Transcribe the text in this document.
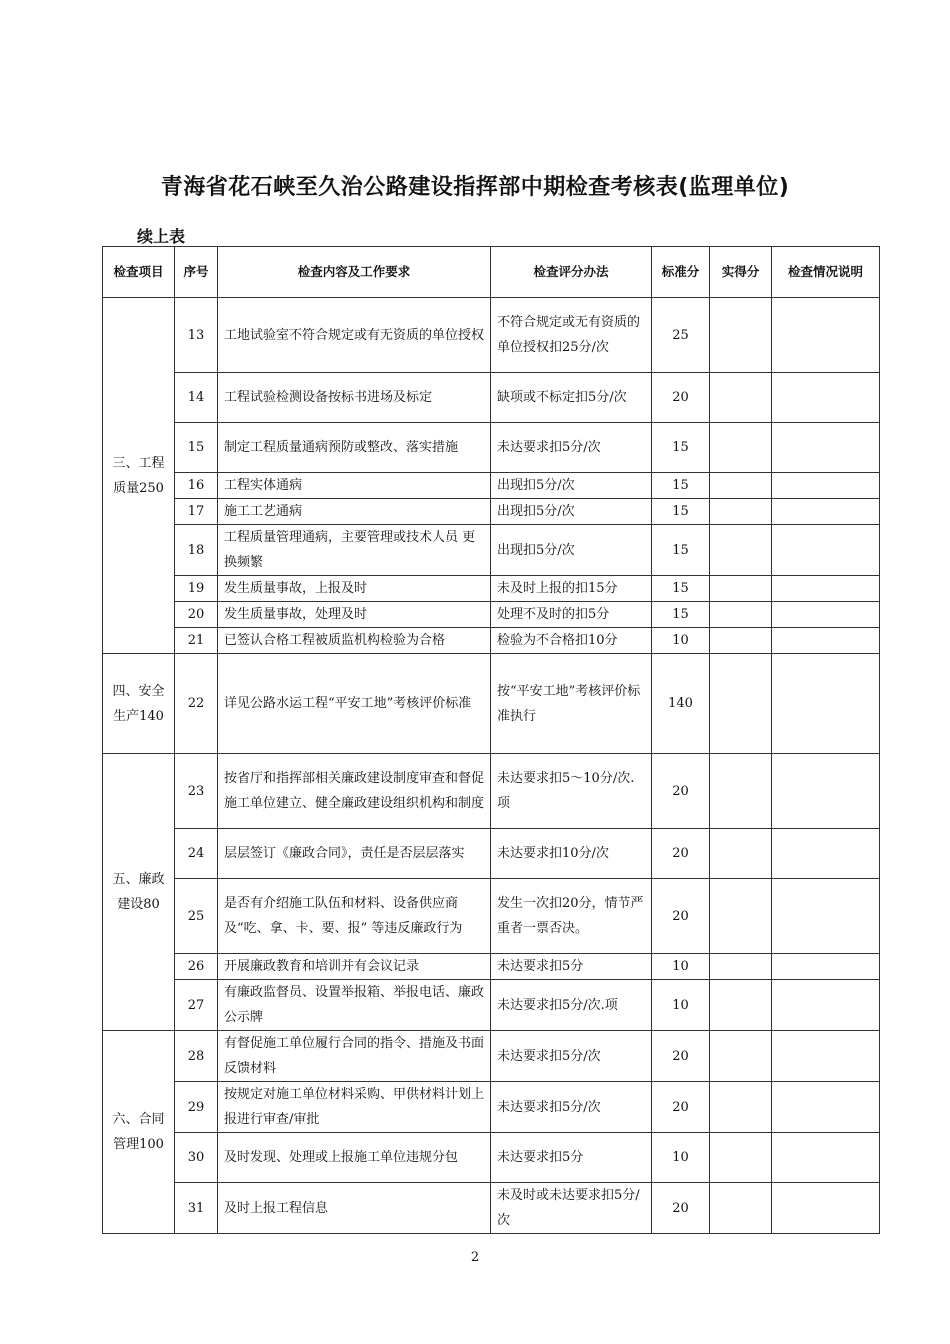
青海省花石峡至久治公路建设指挥部中期检查考核表(监理单位)
续上表
检查项目	序号	检查内容及工作要求	检查评分办法	标准分	实得分	检查情况说明
三、工程质量250	13	工地试验室不符合规定或有无资质的单位授权	不符合规定或无有资质的单位授权扣25分/次	25		
	14	工程试验检测设备按标书进场及标定	缺项或不标定扣5分/次	20		
	15	制定工程质量通病预防或整改、落实措施	未达要求扣5分/次	15		
	16	工程实体通病	出现扣5分/次	15		
	17	施工工艺通病	出现扣5分/次	15		
	18	工程质量管理通病，主要管理或技术人员 更换频繁	出现扣5分/次	15		
	19	发生质量事故，上报及时	未及时上报的扣15分	15		
	20	发生质量事故，处理及时	处理不及时的扣5分	15		
	21	已签认合格工程被质监机构检验为合格	检验为不合格扣10分	10		
四、安全生产140	22	详见公路水运工程“平安工地”考核评价标准	按“平安工地”考核评价标准执行	140		
五、廉政建设80	23	按省厅和指挥部相关廉政建设制度审查和督促施工单位建立、健全廉政建设组织机构和制度	未达要求扣5～10分/次.项	20		
	24	层层签订《廉政合同》，责任是否层层落实	未达要求扣10分/次	20		
	25	是否有介绍施工队伍和材料、设备供应商及“吃、拿、卡、要、报” 等违反廉政行为	发生一次扣20分，情节严重者一票否决。	20		
	26	开展廉政教育和培训并有会议记录	未达要求扣5分	10		
	27	有廉政监督员、设置举报箱、举报电话、廉政公示牌	未达要求扣5分/次.项	10		
六、合同管理100	28	有督促施工单位履行合同的指令、措施及书面反馈材料	未达要求扣5分/次	20		
	29	按规定对施工单位材料采购、甲供材料计划上报进行审查/审批	未达要求扣5分/次	20		
	30	及时发现、处理或上报施工单位违规分包	未达要求扣5分	10		
	31	及时上报工程信息	未及时或未达要求扣5分/次	20		
2
